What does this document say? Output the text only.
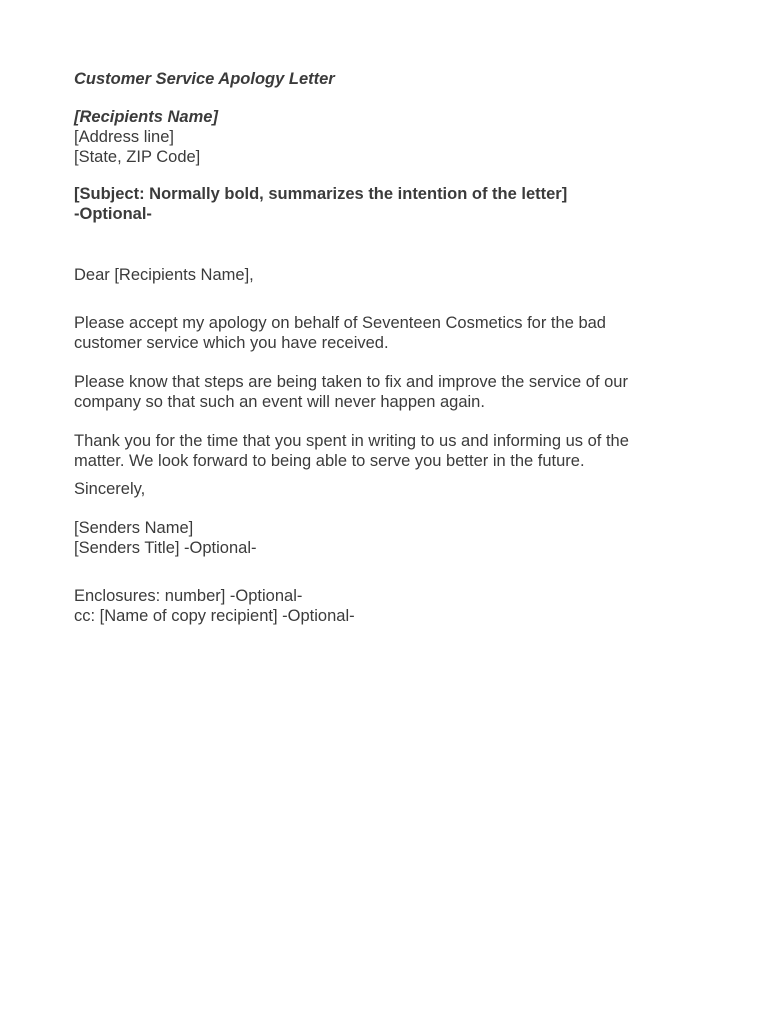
Customer Service Apology Letter
[Recipients Name]
[Address line]
[State, ZIP Code]
[Subject: Normally bold, summarizes the intention of the letter]
-Optional-
Dear [Recipients Name],
Please accept my apology on behalf of Seventeen Cosmetics for the bad
customer service which you have received.
Please know that steps are being taken to fix and improve the service of our
company so that such an event will never happen again.
Thank you for the time that you spent in writing to us and informing us of the
matter. We look forward to being able to serve you better in the future.
Sincerely,
[Senders Name]
[Senders Title] -Optional-
Enclosures: number] -Optional-
cc: [Name of copy recipient] -Optional-
